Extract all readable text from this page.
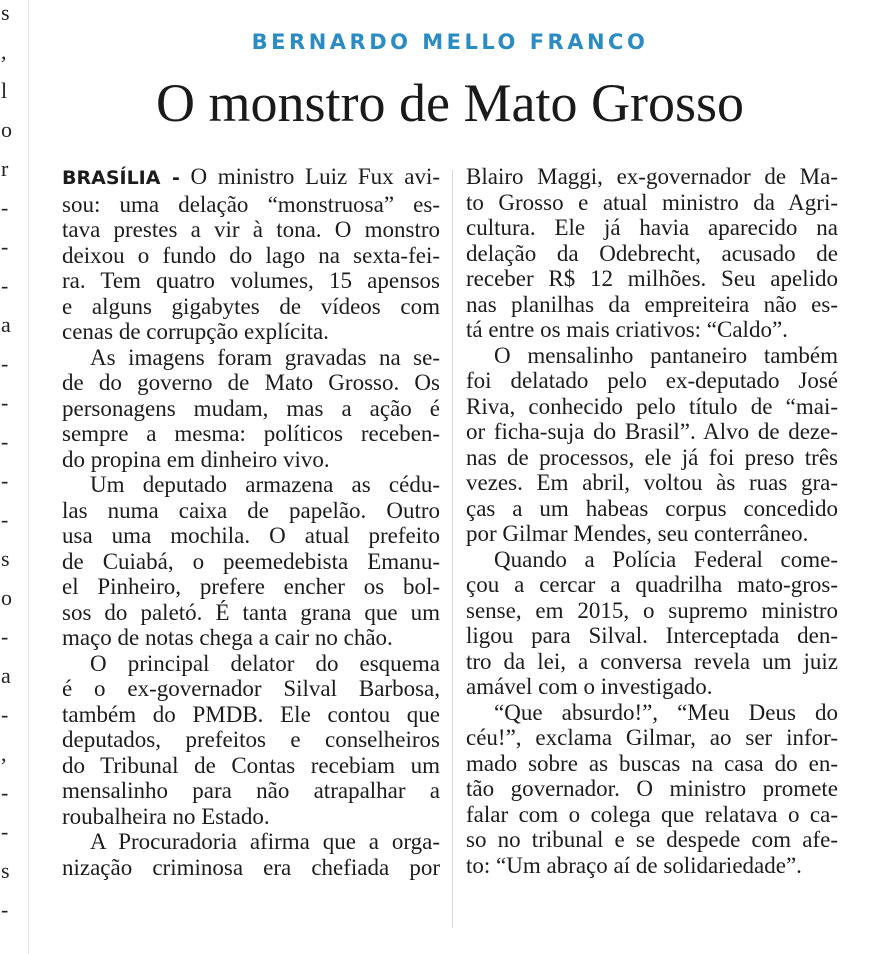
s
,
l
o
r
-
-
-
a
-
-
-
-
-
s
o
-
a
-
,
-
-
s
-
BERNARDO MELLO FRANCO
O monstro de Mato Grosso
BRASÍLIA - O ministro Luiz Fux avi-
sou: uma delação “monstruosa” es-
tava prestes a vir à tona. O monstro
deixou o fundo do lago na sexta-fei-
ra. Tem quatro volumes, 15 apensos
e alguns gigabytes de vídeos com
cenas de corrupção explícita.
As imagens foram gravadas na se-
de do governo de Mato Grosso. Os
personagens mudam, mas a ação é
sempre a mesma: políticos receben-
do propina em dinheiro vivo.
Um deputado armazena as cédu-
las numa caixa de papelão. Outro
usa uma mochila. O atual prefeito
de Cuiabá, o peemedebista Emanu-
el Pinheiro, prefere encher os bol-
sos do paletó. É tanta grana que um
maço de notas chega a cair no chão.
O principal delator do esquema
é o ex-governador Silval Barbosa,
também do PMDB. Ele contou que
deputados, prefeitos e conselheiros
do Tribunal de Contas recebiam um
mensalinho para não atrapalhar a
roubalheira no Estado.
A Procuradoria afirma que a orga-
nização criminosa era chefiada por
Blairo Maggi, ex-governador de Ma-
to Grosso e atual ministro da Agri-
cultura. Ele já havia aparecido na
delação da Odebrecht, acusado de
receber R$ 12 milhões. Seu apelido
nas planilhas da empreiteira não es-
tá entre os mais criativos: “Caldo”.
O mensalinho pantaneiro também
foi delatado pelo ex-deputado José
Riva, conhecido pelo título de “mai-
or ficha-suja do Brasil”. Alvo de deze-
nas de processos, ele já foi preso três
vezes. Em abril, voltou às ruas gra-
ças a um habeas corpus concedido
por Gilmar Mendes, seu conterrâneo.
Quando a Polícia Federal come-
çou a cercar a quadrilha mato-gros-
sense, em 2015, o supremo ministro
ligou para Silval. Interceptada den-
tro da lei, a conversa revela um juiz
amável com o investigado.
“Que absurdo!”, “Meu Deus do
céu!”, exclama Gilmar, ao ser infor-
mado sobre as buscas na casa do en-
tão governador. O ministro promete
falar com o colega que relatava o ca-
so no tribunal e se despede com afe-
to: “Um abraço aí de solidariedade”.
